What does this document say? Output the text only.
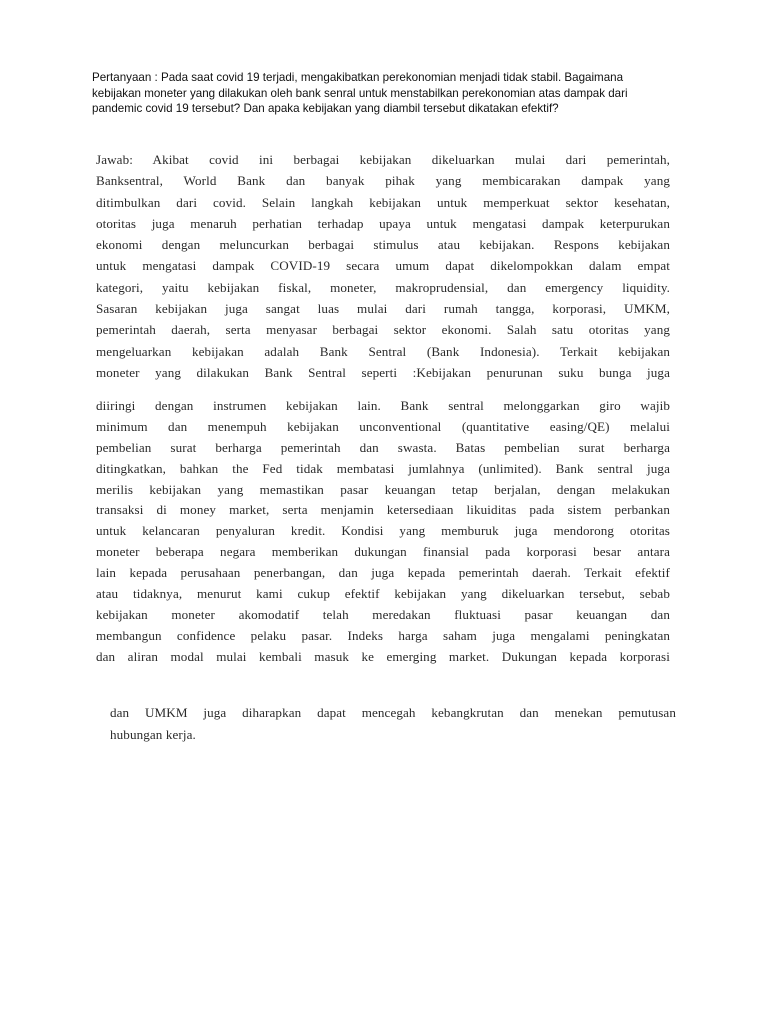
Pertanyaan : Pada saat covid 19 terjadi, mengakibatkan perekonomian menjadi tidak stabil. Bagaimana
kebijakan moneter yang dilakukan oleh bank senral untuk menstabilkan perekonomian atas dampak dari
pandemic covid 19 tersebut? Dan apaka kebijakan yang diambil tersebut dikatakan efektif?

Jawab: Akibat covid ini berbagai kebijakan dikeluarkan mulai dari pemerintah,
Banksentral, World Bank dan banyak pihak yang membicarakan dampak yang
ditimbulkan dari covid. Selain langkah kebijakan untuk memperkuat sektor kesehatan,
otoritas juga menaruh perhatian terhadap upaya untuk mengatasi dampak keterpurukan
ekonomi dengan meluncurkan berbagai stimulus atau kebijakan. Respons kebijakan
untuk mengatasi dampak COVID-19 secara umum dapat dikelompokkan dalam empat
kategori, yaitu kebijakan fiskal, moneter, makroprudensial, dan emergency liquidity.
Sasaran kebijakan juga sangat luas mulai dari rumah tangga, korporasi, UMKM,
pemerintah daerah, serta menyasar berbagai sektor ekonomi. Salah satu otoritas yang
mengeluarkan kebijakan adalah Bank Sentral (Bank Indonesia). Terkait kebijakan
moneter yang dilakukan Bank Sentral seperti :Kebijakan penurunan suku bunga juga
diiringi dengan instrumen kebijakan lain. Bank sentral melonggarkan giro wajib
minimum dan menempuh kebijakan unconventional (quantitative easing/QE) melalui
pembelian surat berharga pemerintah dan swasta. Batas pembelian surat berharga
ditingkatkan, bahkan the Fed tidak membatasi jumlahnya (unlimited). Bank sentral juga
merilis kebijakan yang memastikan pasar keuangan tetap berjalan, dengan melakukan
transaksi di money market, serta menjamin ketersediaan likuiditas pada sistem perbankan
untuk kelancaran penyaluran kredit. Kondisi yang memburuk juga mendorong otoritas
moneter beberapa negara memberikan dukungan finansial pada korporasi besar antara
lain kepada perusahaan penerbangan, dan juga kepada pemerintah daerah. Terkait efektif
atau tidaknya, menurut kami cukup efektif kebijakan yang dikeluarkan tersebut, sebab
kebijakan moneter akomodatif telah meredakan fluktuasi pasar keuangan dan
membangun confidence pelaku pasar. Indeks harga saham juga mengalami peningkatan
dan aliran modal mulai kembali masuk ke emerging market. Dukungan kepada korporasi
dan UMKM juga diharapkan dapat mencegah kebangkrutan dan menekan pemutusan
hubungan kerja.
